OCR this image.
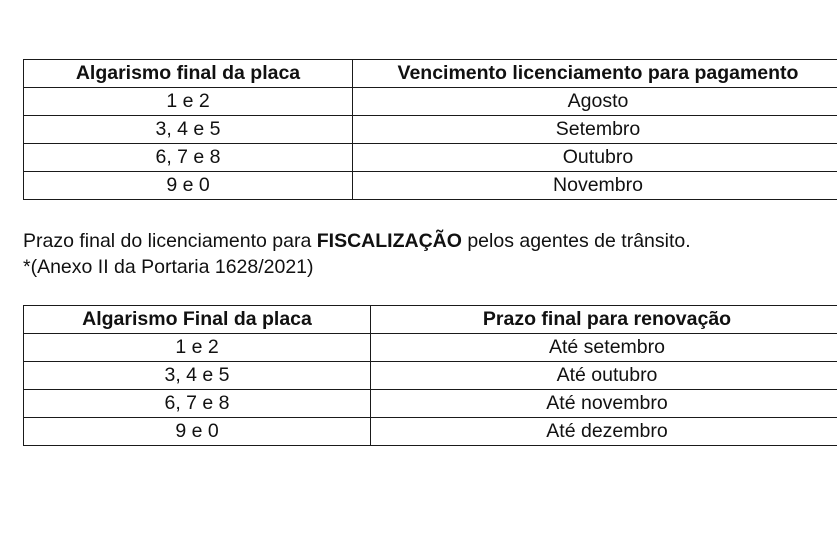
Algarismo final da placa	Vencimento licenciamento para pagamento
1 e 2	Agosto
3, 4 e 5	Setembro
6, 7 e 8	Outubro
9 e 0	Novembro
Prazo final do licenciamento para FISCALIZAÇÃO pelos agentes de trânsito.
*(Anexo II da Portaria 1628/2021)
Algarismo Final da placa	Prazo final para renovação
1 e 2	Até setembro
3, 4 e 5	Até outubro
6, 7 e 8	Até novembro
9 e 0	Até dezembro
